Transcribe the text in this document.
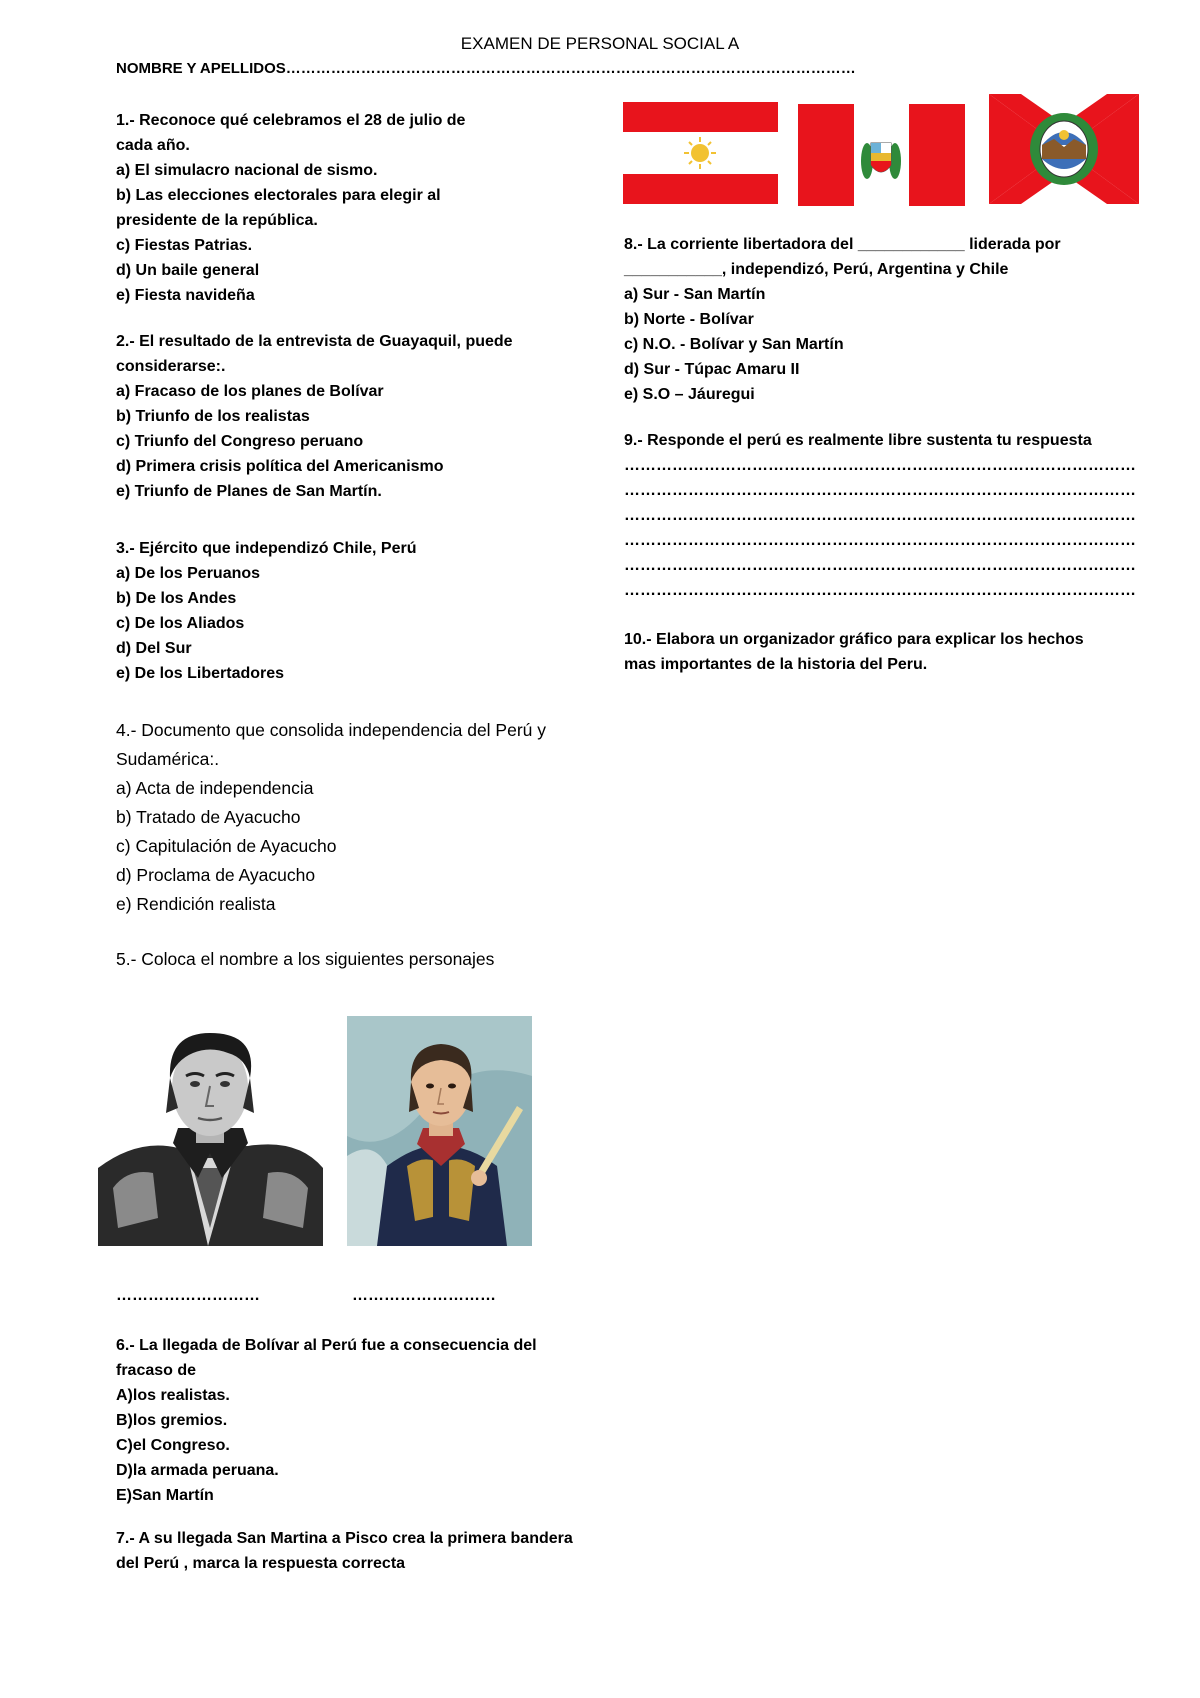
EXAMEN DE PERSONAL SOCIAL A
NOMBRE Y APELLIDOS……………………………………………………………………………………………………

1.- Reconoce qué celebramos el 28 de julio de

cada año.

a) El simulacro nacional de sismo.

b) Las elecciones electorales para elegir al

presidente de la república.

c) Fiestas Patrias.

d) Un baile general

e) Fiesta navideña

2.- El resultado de la entrevista de Guayaquil, puede

considerarse:.

a) Fracaso de los planes de Bolívar

b) Triunfo de los realistas

c) Triunfo del Congreso peruano

d) Primera crisis política del Americanismo

e) Triunfo de Planes de San Martín.

3.- Ejército que independizó Chile, Perú

a) De los Peruanos

b) De los Andes

c) De los Aliados

d) Del Sur

e) De los Libertadores

4.- Documento que consolida independencia del Perú y

Sudamérica:.

a) Acta de independencia

b) Tratado de Ayacucho

c) Capitulación de Ayacucho

d) Proclama de Ayacucho

e) Rendición realista

5.- Coloca el nombre a los siguientes personajes

………………………	………………………

6.- La llegada de Bolívar al Perú fue a consecuencia del

fracaso de

A)los realistas.

B)los gremios.

C)el Congreso.

D)la armada peruana.

E)San Martín

7.- A su llegada San Martina a Pisco crea la primera bandera

del Perú , marca la respuesta correcta

8.- La corriente libertadora del ____________ liderada por

___________, independizó, Perú, Argentina y Chile

a) Sur - San Martín

b) Norte - Bolívar

c) N.O. - Bolívar y San Martín

d) Sur - Túpac Amaru II

e) S.O – Jáuregui

9.- Responde el perú es realmente libre sustenta tu respuesta

……………………………………………………………………………………

……………………………………………………………………………………

……………………………………………………………………………………

……………………………………………………………………………………

……………………………………………………………………………………

……………………………………………………………………………………

10.- Elabora un organizador gráfico para explicar los hechos

mas importantes de la historia del Peru.
